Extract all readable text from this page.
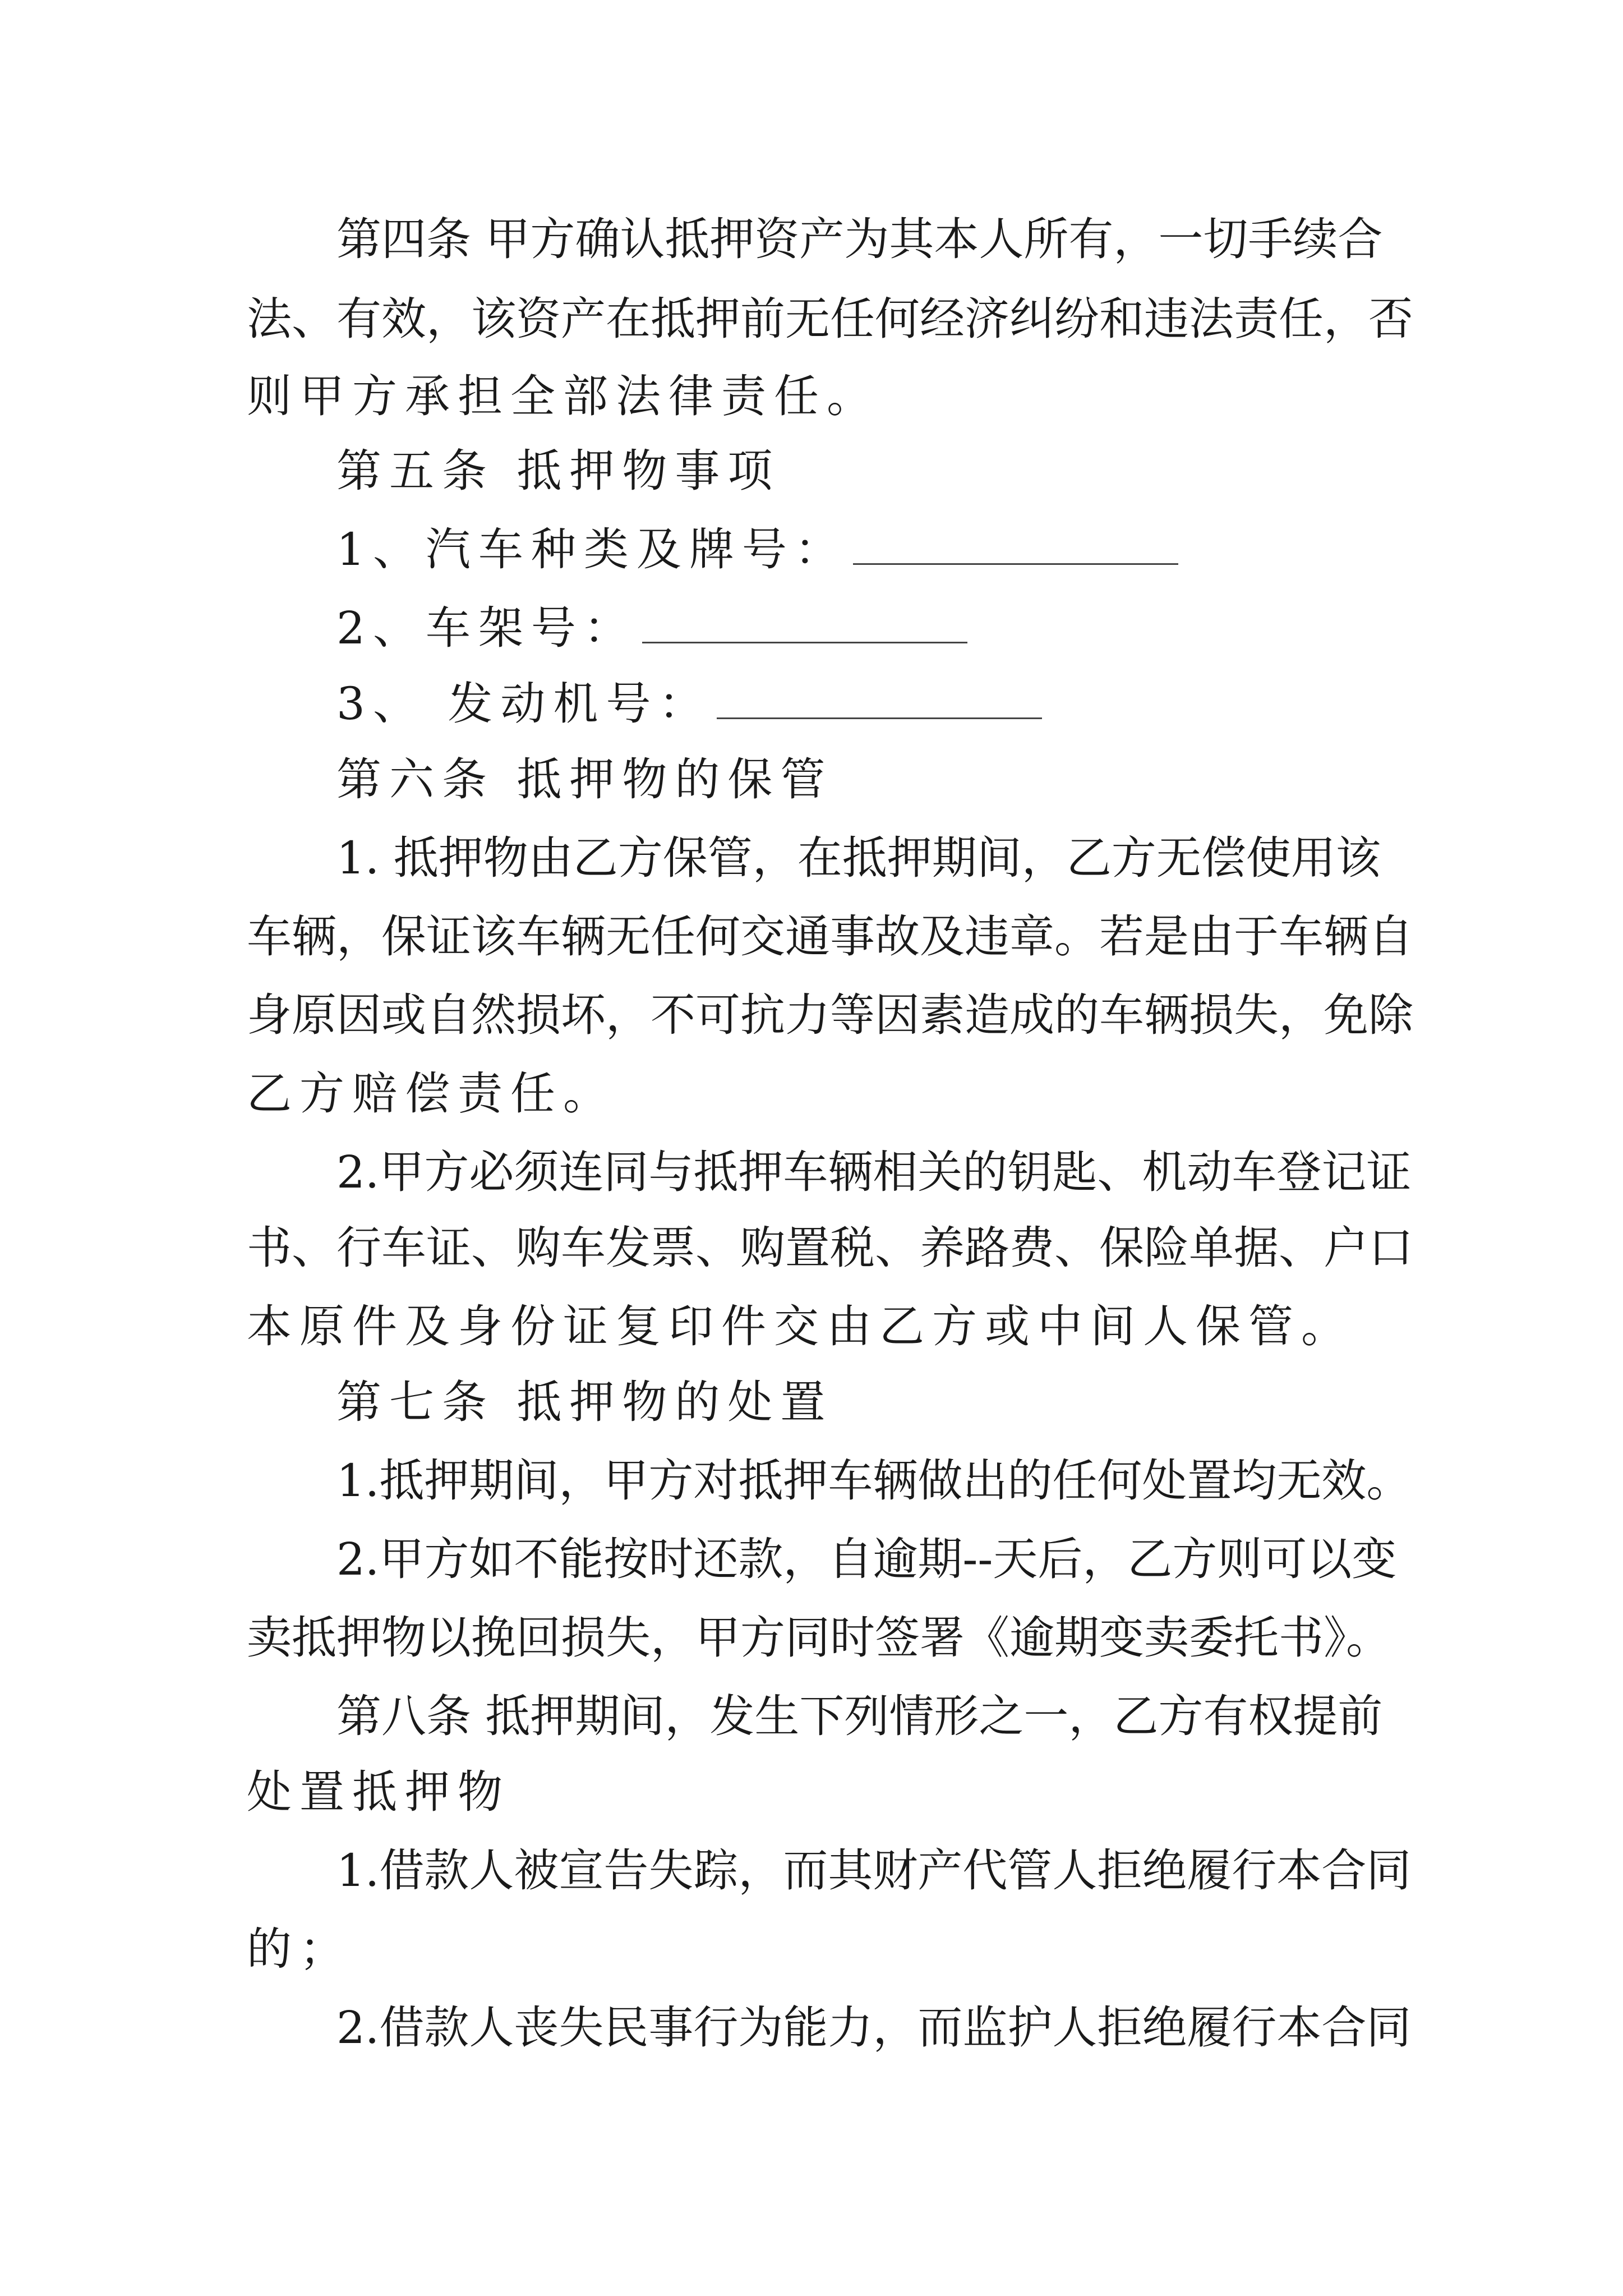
第四条 甲方确认抵押资产为其本人所有，一切手续合
法、有效，该资产在抵押前无任何经济纠纷和违法责任，否
则甲方承担全部法律责任。
第五条 抵押物事项
1、汽车种类及牌号：
2、车架号：
3、 发动机号：
第六条 抵押物的保管
1. 抵押物由乙方保管，在抵押期间，乙方无偿使用该
车辆，保证该车辆无任何交通事故及违章。若是由于车辆自
身原因或自然损坏，不可抗力等因素造成的车辆损失，免除
乙方赔偿责任。
2.甲方必须连同与抵押车辆相关的钥匙、机动车登记证
书、行车证、购车发票、购置税、养路费、保险单据、户口
本原件及身份证复印件交由乙方或中间人保管。
第七条 抵押物的处置
1.抵押期间，甲方对抵押车辆做出的任何处置均无效。
2.甲方如不能按时还款，自逾期--天后，乙方则可以变
卖抵押物以挽回损失，甲方同时签署《逾期变卖委托书》。
第八条 抵押期间，发生下列情形之一，乙方有权提前
处置抵押物
1.借款人被宣告失踪，而其财产代管人拒绝履行本合同
的；
2.借款人丧失民事行为能力，而监护人拒绝履行本合同
